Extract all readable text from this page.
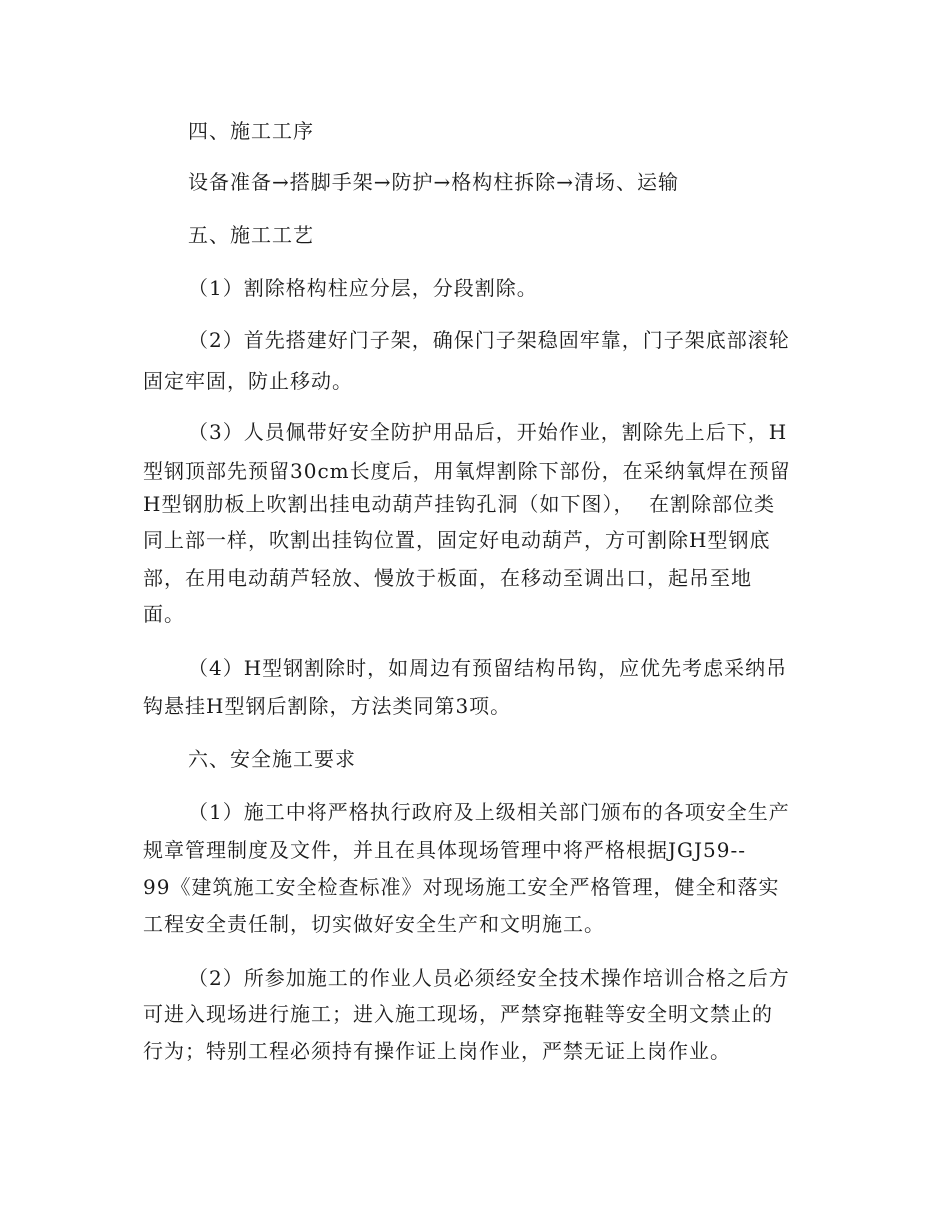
四、施工工序
设备准备→搭脚手架→防护→格构柱拆除→清场、运输
五、施工工艺
（1）割除格构柱应分层，分段割除。
（2）首先搭建好门子架，确保门子架稳固牢靠，门子架底部滚轮
固定牢固，防止移动。
（3）人员佩带好安全防护用品后，开始作业，割除先上后下，H
型钢顶部先预留30cm长度后，用氧焊割除下部份，在采纳氧焊在预留
H型钢肋板上吹割出挂电动葫芦挂钩孔洞（如下图），  在割除部位类
同上部一样，吹割出挂钩位置，固定好电动葫芦，方可割除H型钢底
部，在用电动葫芦轻放、慢放于板面，在移动至调出口，起吊至地
面。
（4）H型钢割除时，如周边有预留结构吊钩，应优先考虑采纳吊
钩悬挂H型钢后割除，方法类同第3项。
六、安全施工要求
（1）施工中将严格执行政府及上级相关部门颁布的各项安全生产
规章管理制度及文件，并且在具体现场管理中将严格根据JGJ59--
99《建筑施工安全检查标准》对现场施工安全严格管理，健全和落实
工程安全责任制，切实做好安全生产和文明施工。
（2）所参加施工的作业人员必须经安全技术操作培训合格之后方
可进入现场进行施工；进入施工现场，严禁穿拖鞋等安全明文禁止的
行为；特别工程必须持有操作证上岗作业，严禁无证上岗作业。
